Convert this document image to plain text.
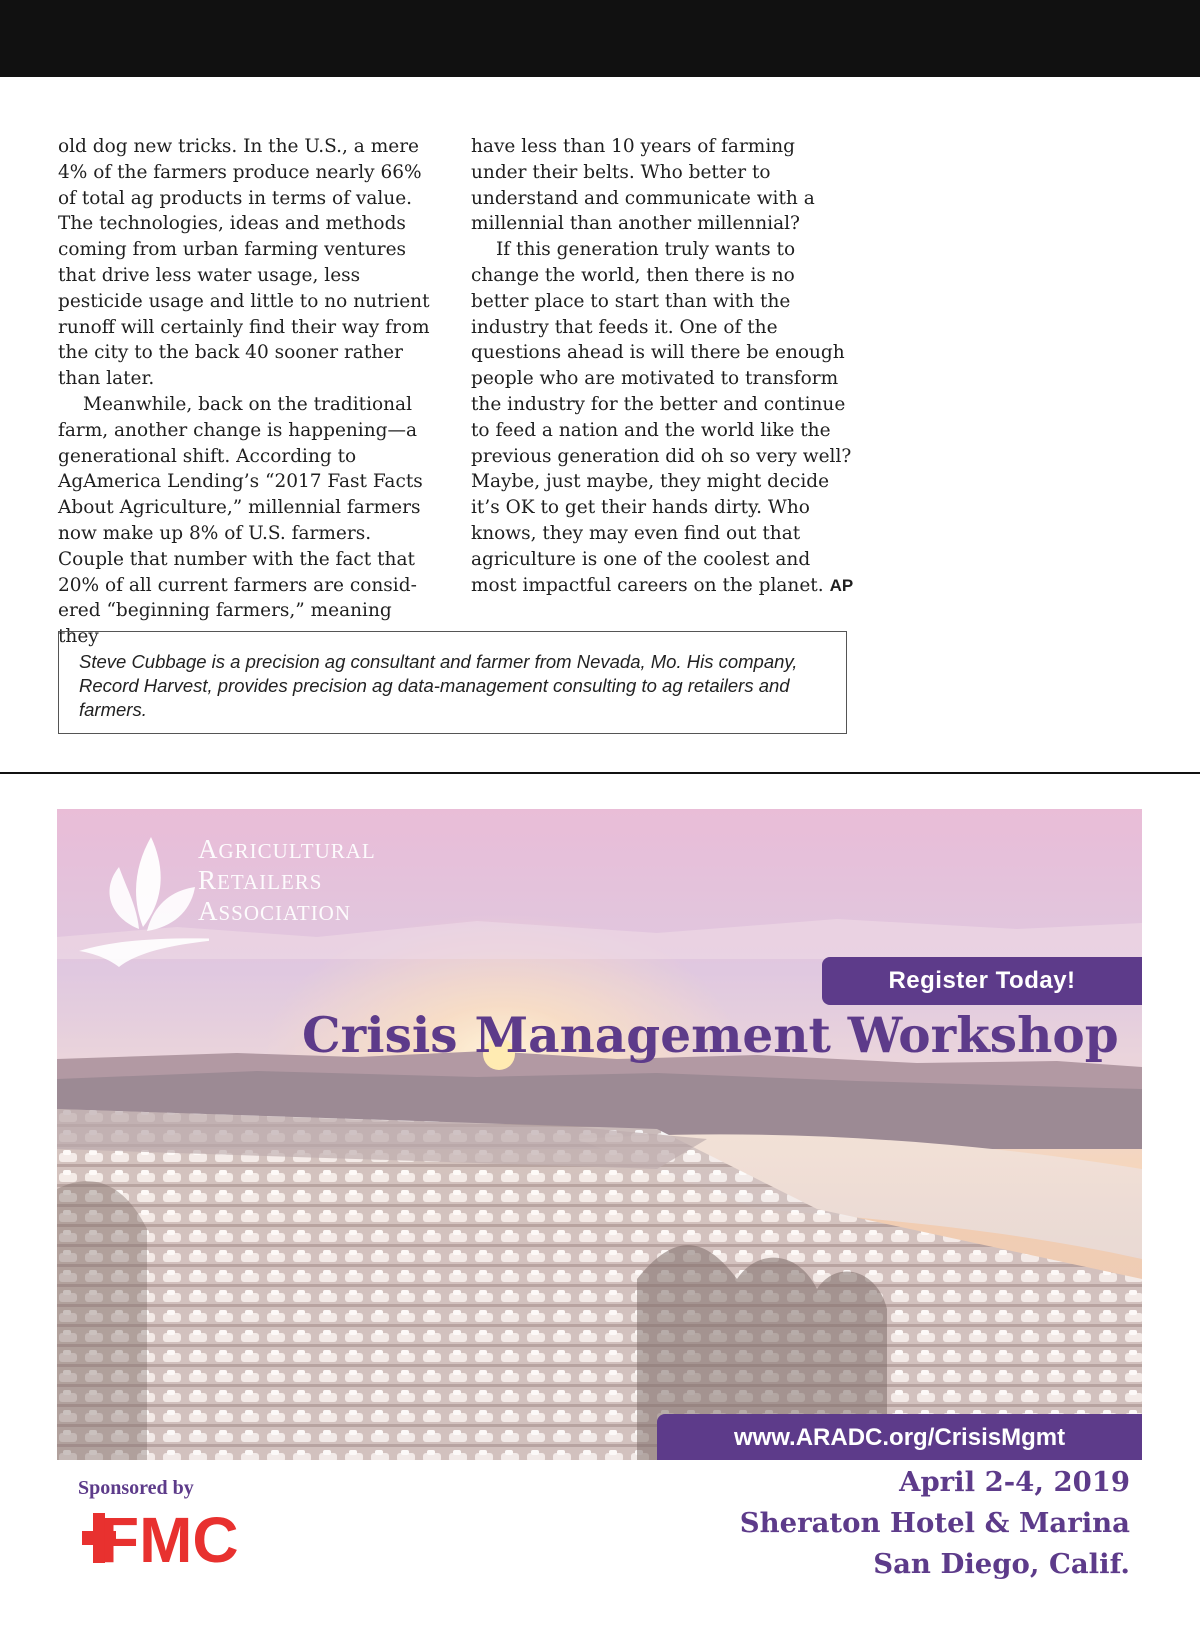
old dog new tricks. In the U.S., a mere 4% of the farmers produce nearly 66% of total ag products in terms of value. The technologies, ideas and methods coming from urban farming ventures that drive less water usage, less pesticide usage and little to no nutrient runoff will certainly find their way from the city to the back 40 sooner rather than later.

Meanwhile, back on the traditional farm, another change is happening—a generational shift. According to AgAmerica Lending’s “2017 Fast Facts About Agriculture,” millennial farmers now make up 8% of U.S. farmers. Couple that number with the fact that 20% of all current farmers are considered “beginning farmers,” meaning they

have less than 10 years of farming under their belts. Who better to understand and communicate with a millennial than another millennial?

If this generation truly wants to change the world, then there is no better place to start than with the industry that feeds it. One of the questions ahead is will there be enough people who are motivated to transform the industry for the better and continue to feed a nation and the world like the previous generation did oh so very well? Maybe, just maybe, they might decide it’s OK to get their hands dirty. Who knows, they may even find out that agriculture is one of the coolest and most impactful careers on the planet. AP

Steve Cubbage is a precision ag consultant and farmer from Nevada, Mo. His company, Record Harvest, provides precision ag data-management consulting to ag retailers and farmers.
AGRICULTURAL
RETAILERS
ASSOCIATION
Register Today!
Crisis Management Workshop
www.ARADC.org/CrisisMgmt
Sponsored by
FMC
April 2-4, 2019
Sheraton Hotel & Marina
San Diego, Calif.
